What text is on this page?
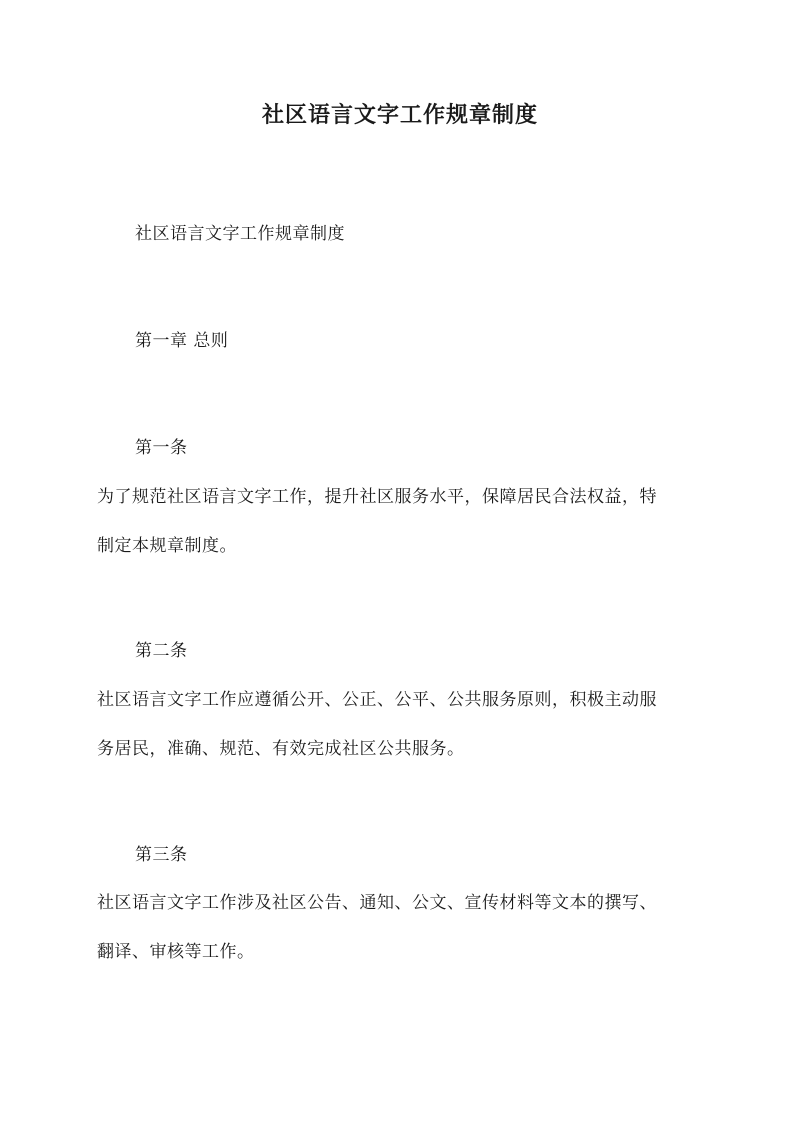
社区语言文字工作规章制度
社区语言文字工作规章制度
第一章 总则
第一条
为了规范社区语言文字工作，提升社区服务水平，保障居民合法权益，特
制定本规章制度。
第二条
社区语言文字工作应遵循公开、公正、公平、公共服务原则，积极主动服
务居民，准确、规范、有效完成社区公共服务。
第三条
社区语言文字工作涉及社区公告、通知、公文、宣传材料等文本的撰写、
翻译、审核等工作。
